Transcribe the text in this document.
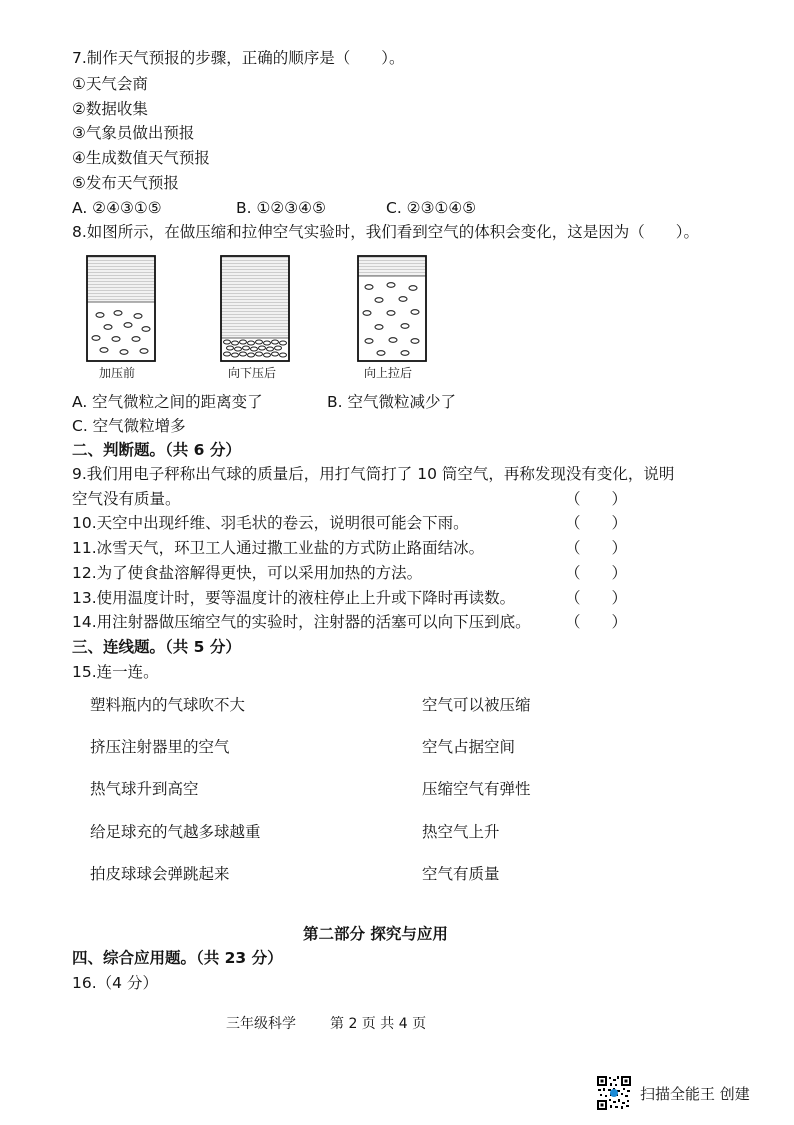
7.制作天气预报的步骤，正确的顺序是（　　）。
①天气会商
②数据收集
③气象员做出预报
④生成数值天气预报
⑤发布天气预报
A. ②④③①⑤	B. ①②③④⑤	C. ②③①④⑤
8.如图所示，在做压缩和拉伸空气实验时，我们看到空气的体积会变化，这是因为（　　）。
加压前	向下压后	向上拉后
A. 空气微粒之间的距离变了	B. 空气微粒减少了
C. 空气微粒增多
二、判断题。（共 6 分）
9.我们用电子秤称出气球的质量后，用打气筒打了 10 筒空气，再称发现没有变化，说明
空气没有质量。	（　　）
10.天空中出现纤维、羽毛状的卷云，说明很可能会下雨。	（　　）
11.冰雪天气，环卫工人通过撒工业盐的方式防止路面结冰。	（　　）
12.为了使食盐溶解得更快，可以采用加热的方法。	（　　）
13.使用温度计时，要等温度计的液柱停止上升或下降时再读数。	（　　）
14.用注射器做压缩空气的实验时，注射器的活塞可以向下压到底。 （　　）
三、连线题。（共 5 分）
15.连一连。
塑料瓶内的气球吹不大
挤压注射器里的空气
热气球升到高空
给足球充的气越多球越重
拍皮球球会弹跳起来
空气可以被压缩
空气占据空间
压缩空气有弹性
热空气上升
空气有质量
第二部分 探究与应用
四、综合应用题。（共 23 分）
16.（4 分）
三年级科学 第 2 页 共 4 页
扫描全能王 创建
